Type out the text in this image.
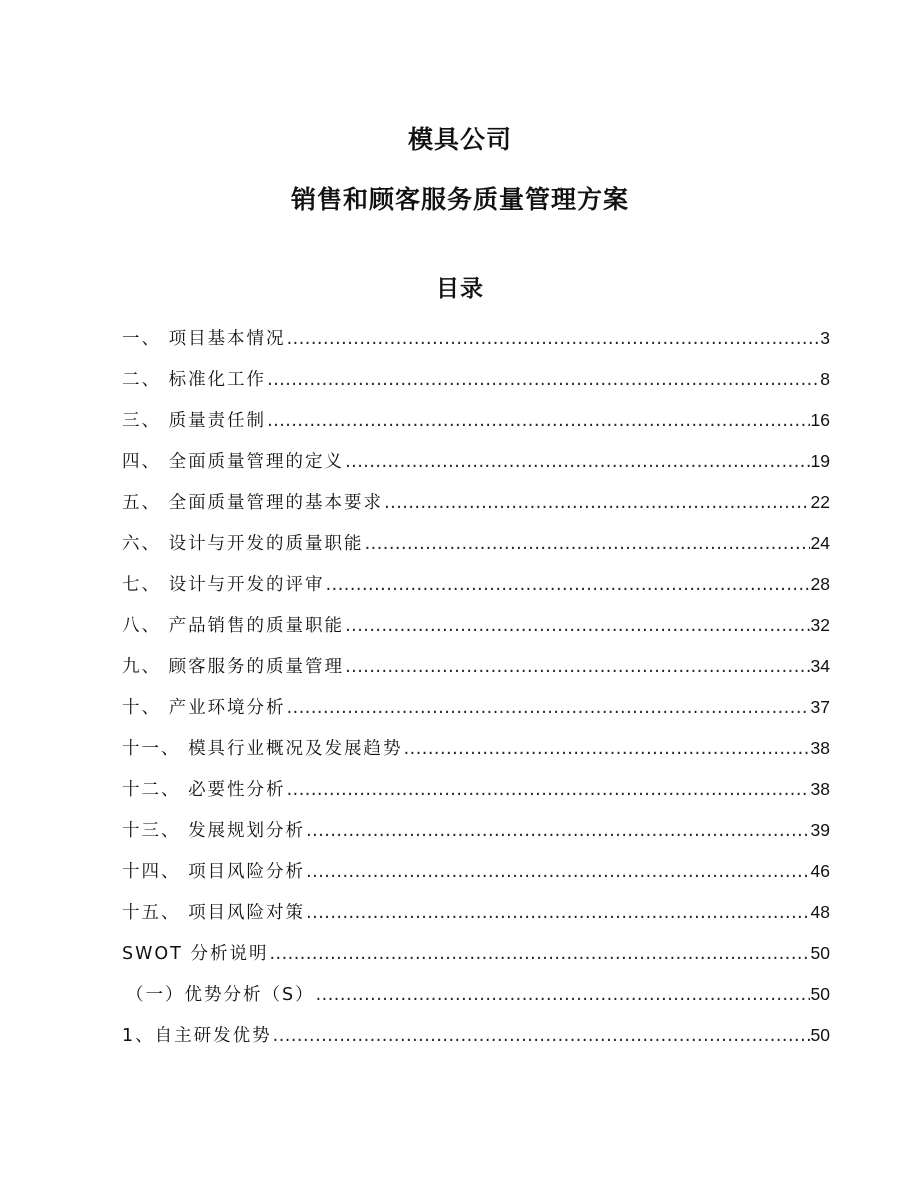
模具公司
销售和顾客服务质量管理方案
目录
一、 项目基本情况 .....	3
二、 标准化工作 .....	8
三、 质量责任制 .....	16
四、 全面质量管理的定义 .....	19
五、 全面质量管理的基本要求 .....	22
六、 设计与开发的质量职能 .....	24
七、 设计与开发的评审 .....	28
八、 产品销售的质量职能 .....	32
九、 顾客服务的质量管理 .....	34
十、 产业环境分析 .....	37
十一、 模具行业概况及发展趋势 .....	38
十二、 必要性分析 .....	38
十三、 发展规划分析 .....	39
十四、 项目风险分析 .....	46
十五、 项目风险对策 .....	48
SWOT 分析说明 .....	50
（一）优势分析（S） .....	50
1、自主研发优势 .....	50
